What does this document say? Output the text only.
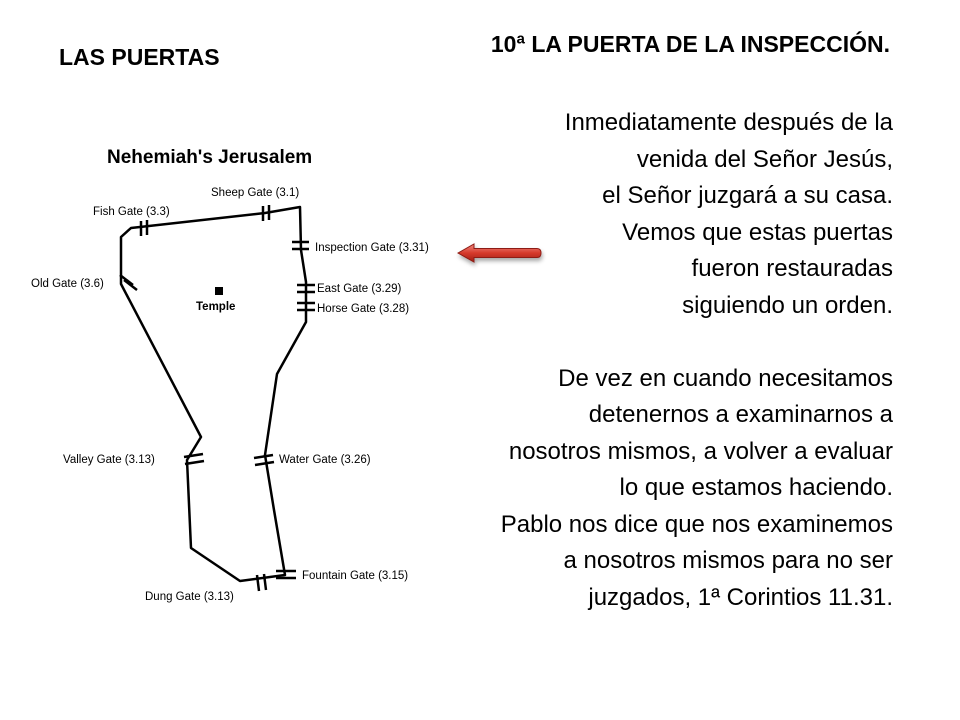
LAS PUERTAS	10ª LA PUERTA DE LA INSPECCIÓN.
Inmediatamente después de la
venida del Señor Jesús,
el Señor juzgará a su casa.
Vemos que estas puertas
fueron restauradas
siguiendo un orden.
De vez en cuando necesitamos
detenernos a examinarnos a
nosotros mismos, a volver a evaluar
lo que estamos haciendo.
Pablo nos dice que nos examinemos
a nosotros mismos para no ser
juzgados, 1ª Corintios 11.31.
Nehemiah's Jerusalem
Sheep Gate (3.1)
Fish Gate (3.3)
Inspection Gate (3.31)
Old Gate (3.6)	East Gate (3.29)
Horse Gate (3.28)
Valley Gate (3.13)	Water Gate (3.26)
Fountain Gate (3.15)
Dung Gate (3.13)
Temple
